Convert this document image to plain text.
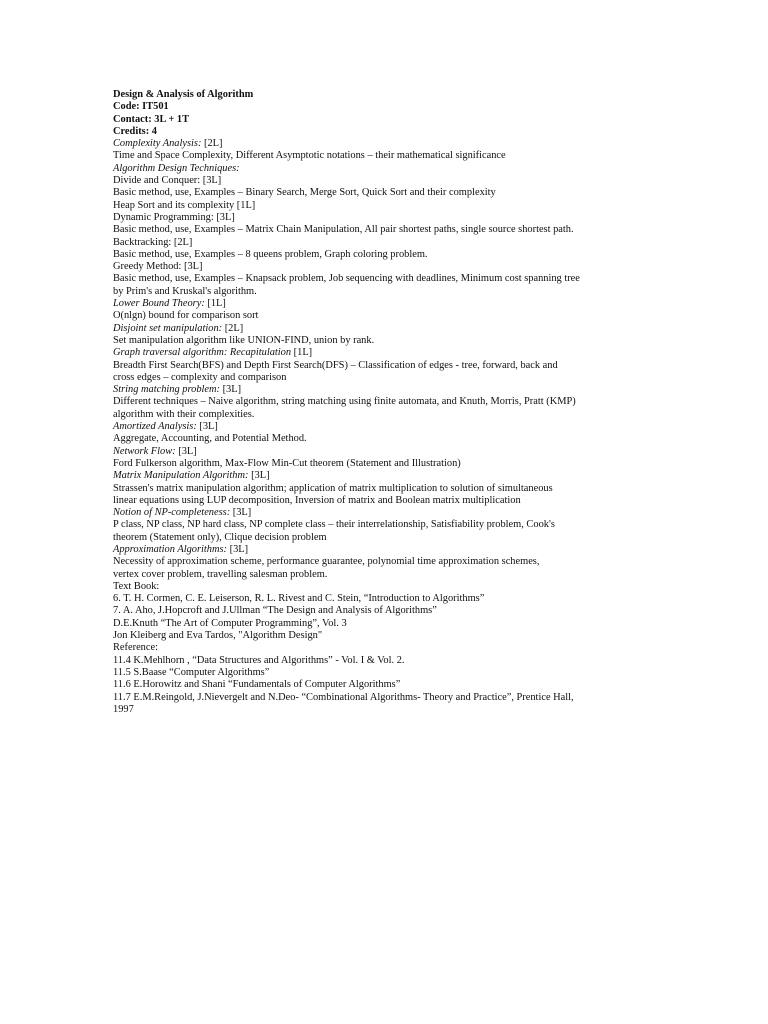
Design & Analysis of Algorithm
Code: IT501
Contact: 3L + 1T
Credits: 4
Complexity Analysis: [2L]
Time and Space Complexity, Different Asymptotic notations – their mathematical significance
Algorithm Design Techniques:
Divide and Conquer: [3L]
Basic method, use, Examples – Binary Search, Merge Sort, Quick Sort and their complexity
Heap Sort and its complexity [1L]
Dynamic Programming: [3L]
Basic method, use, Examples – Matrix Chain Manipulation, All pair shortest paths, single source shortest path.
Backtracking: [2L]
Basic method, use, Examples – 8 queens problem, Graph coloring problem.
Greedy Method: [3L]
Basic method, use, Examples – Knapsack problem, Job sequencing with deadlines, Minimum cost spanning tree
by Prim's and Kruskal's algorithm.
Lower Bound Theory: [1L]
O(nlgn) bound for comparison sort
Disjoint set manipulation: [2L]
Set manipulation algorithm like UNION-FIND, union by rank.
Graph traversal algorithm: Recapitulation [1L]
Breadth First Search(BFS) and Depth First Search(DFS) – Classification of edges - tree, forward, back and
cross edges – complexity and comparison
String matching problem: [3L]
Different techniques – Naive algorithm, string matching using finite automata, and Knuth, Morris, Pratt (KMP)
algorithm with their complexities.
Amortized Analysis: [3L]
Aggregate, Accounting, and Potential Method.
Network Flow: [3L]
Ford Fulkerson algorithm, Max-Flow Min-Cut theorem (Statement and Illustration)
Matrix Manipulation Algorithm: [3L]
Strassen's matrix manipulation algorithm; application of matrix multiplication to solution of simultaneous
linear equations using LUP decomposition, Inversion of matrix and Boolean matrix multiplication
Notion of NP-completeness: [3L]
P class, NP class, NP hard class, NP complete class – their interrelationship, Satisfiability problem, Cook's
theorem (Statement only), Clique decision problem
Approximation Algorithms: [3L]
Necessity of approximation scheme, performance guarantee, polynomial time approximation schemes,
vertex cover problem, travelling salesman problem.
Text Book:
6. T. H. Cormen, C. E. Leiserson, R. L. Rivest and C. Stein, “Introduction to Algorithms”
7. A. Aho, J.Hopcroft and J.Ullman “The Design and Analysis of Algorithms”
D.E.Knuth “The Art of Computer Programming”, Vol. 3
Jon Kleiberg and Eva Tardos, "Algorithm Design"
Reference:
11.4 K.Mehlhorn , “Data Structures and Algorithms” - Vol. I & Vol. 2.
11.5 S.Baase “Computer Algorithms”
11.6 E.Horowitz and Shani “Fundamentals of Computer Algorithms”
11.7 E.M.Reingold, J.Nievergelt and N.Deo- “Combinational Algorithms- Theory and Practice”, Prentice Hall,
1997
